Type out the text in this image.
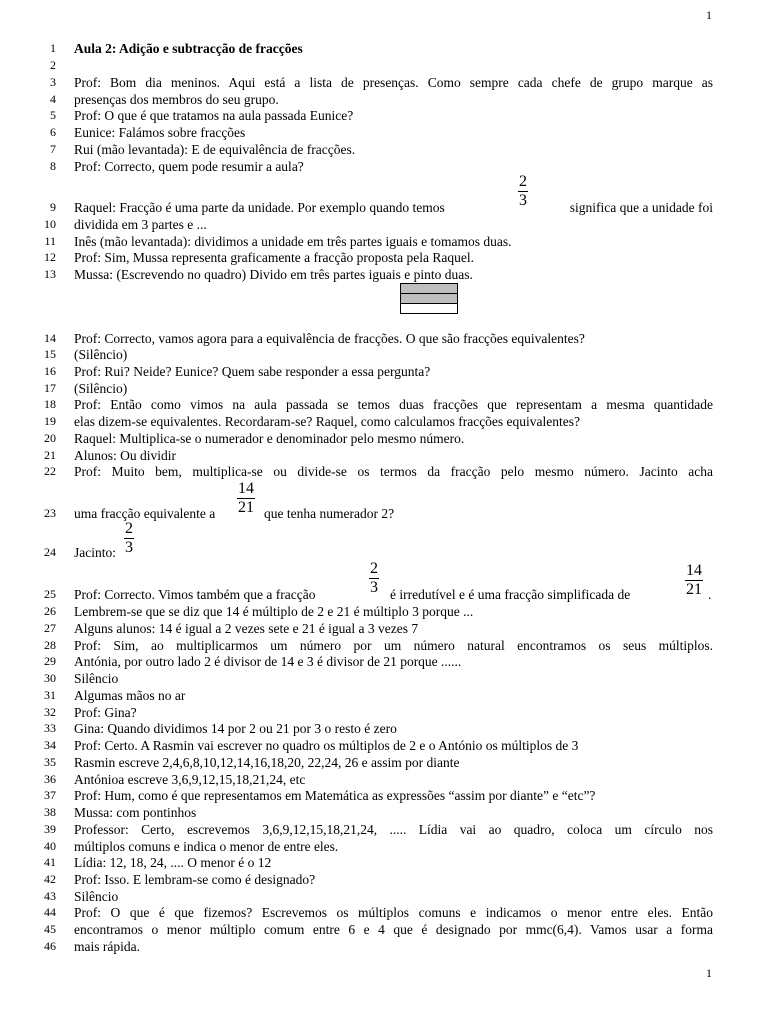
1
1 Aula 2: Adição e subtracção de fracções
2
3 Prof: Bom dia meninos. Aqui está a lista de presenças. Como sempre cada chefe de grupo marque as
4 presenças dos membros do seu grupo.
5 Prof: O que é que tratamos na aula passada Eunice?
6 Eunice: Falámos sobre fracções
7 Rui (mão levantada): E de equivalência de fracções.
8 Prof: Correcto, quem pode resumir a aula?
$\frac{2}{3}$
9 Raquel: Fracção é uma parte da unidade. Por exemplo quando temos	significa que a unidade foi
10 dividida em 3 partes e ...
11 Inês (mão levantada): dividimos a unidade em três partes iguais e tomamos duas.
12 Prof: Sim, Mussa representa graficamente a fracção proposta pela Raquel.
13 Mussa: (Escrevendo no quadro) Divido em três partes iguais e pinto duas.
14 Prof: Correcto, vamos agora para a equivalência de fracções. O que são fracções equivalentes?
15 (Silêncio)
16 Prof: Rui? Neide? Eunice? Quem sabe responder a essa pergunta?
17 (Silêncio)
18 Prof: Então como vimos na aula passada se temos duas fracções que representam a mesma quantidade
19 elas dizem-se equivalentes. Recordaram-se? Raquel, como calculamos fracções equivalentes?
20 Raquel: Multiplica-se o numerador e denominador pelo mesmo número.
21 Alunos: Ou dividir
22 Prof: Muito bem, multiplica-se ou divide-se os termos da fracção pelo mesmo número. Jacinto acha
$\frac{14}{21}$
23 uma fracção equivalente a	que tenha numerador 2?
$\frac{2}{3}$
24 Jacinto:
$\frac{2}{3}$	$\frac{14}{21}$
25 Prof: Correcto. Vimos também que a fracção	é irredutível e é uma fracção simplificada de	.
26 Lembrem-se que se diz que 14 é múltiplo de 2 e 21 é múltiplo 3 porque ...
27 Alguns alunos: 14 é igual a 2 vezes sete e 21 é igual a 3 vezes 7
28 Prof: Sim, ao multiplicarmos um número por um número natural encontramos os seus múltiplos.
29 Antónia, por outro lado 2 é divisor de 14 e 3 é divisor de 21 porque ......
30 Silêncio
31 Algumas mãos no ar
32 Prof: Gina?
33 Gina: Quando dividimos 14 por 2 ou 21 por 3 o resto é zero
34 Prof: Certo. A Rasmin vai escrever no quadro os múltiplos de 2 e o António os múltiplos de 3
35 Rasmin escreve 2,4,6,8,10,12,14,16,18,20, 22,24, 26 e assim por diante
36 Antónioa escreve 3,6,9,12,15,18,21,24, etc
37 Prof: Hum, como é que representamos em Matemática as expressões “assim por diante” e “etc”?
38 Mussa: com pontinhos
39 Professor: Certo, escrevemos 3,6,9,12,15,18,21,24, ..... Lídia vai ao quadro, coloca um círculo nos
40 múltiplos comuns e indica o menor de entre eles.
41 Lídia: 12, 18, 24, .... O menor é o 12
42 Prof: Isso. E lembram-se como é designado?
43 Silêncio
44 Prof: O que é que fizemos? Escrevemos os múltiplos comuns e indicamos o menor entre eles. Então
45 encontramos o menor múltiplo comum entre 6 e 4 que é designado por mmc(6,4). Vamos usar a forma
46 mais rápida.
1
